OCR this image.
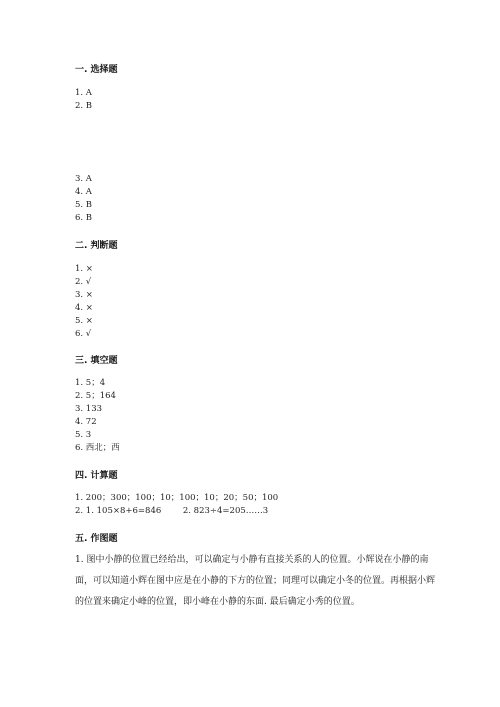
一. 选择题
1. A
2. B
3. A
4. A
5. B
6. B
二. 判断题
1. ×
2. √
3. ×
4. ×
5. ×
6. √
三. 填空题
1. 5；4
2. 5；164
3. 133
4. 72
5. 3
6. 西北；西
四. 计算题
1. 200；300；100；10；100；10；20；50；100
2. 1. 105×8+6=846        2. 823÷4=205……3
五. 作图题
1. 图中小静的位置已经给出，可以确定与小静有直接关系的人的位置。小辉说在小静的南面，可以知道小辉在图中应是在小静的下方的位置；同理可以确定小冬的位置。再根据小辉的位置来确定小峰的位置，即小峰在小静的东面. 最后确定小秀的位置。
